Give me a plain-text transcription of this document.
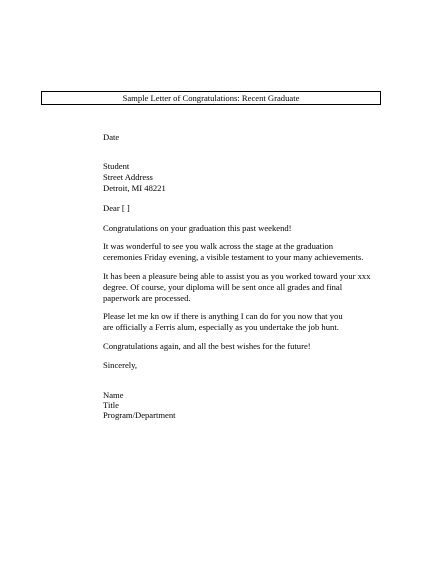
Sample Letter of Congratulations: Recent Graduate
Date
Student
Street Address
Detroit, MI 48221
Dear [ ]
Congratulations on your graduation this past weekend!
It was wonderful to see you walk across the stage at the graduation
ceremonies Friday evening, a visible testament to your many achievements.
It has been a pleasure being able to assist you as you worked toward your xxx
degree. Of course, your diploma will be sent once all grades and final
paperwork are processed.
Please let me kn ow if there is anything I can do for you now that you
are officially a Ferris alum, especially as you undertake the job hunt.
Congratulations again, and all the best wishes for the future!
Sincerely,
Name
Title
Program/Department
